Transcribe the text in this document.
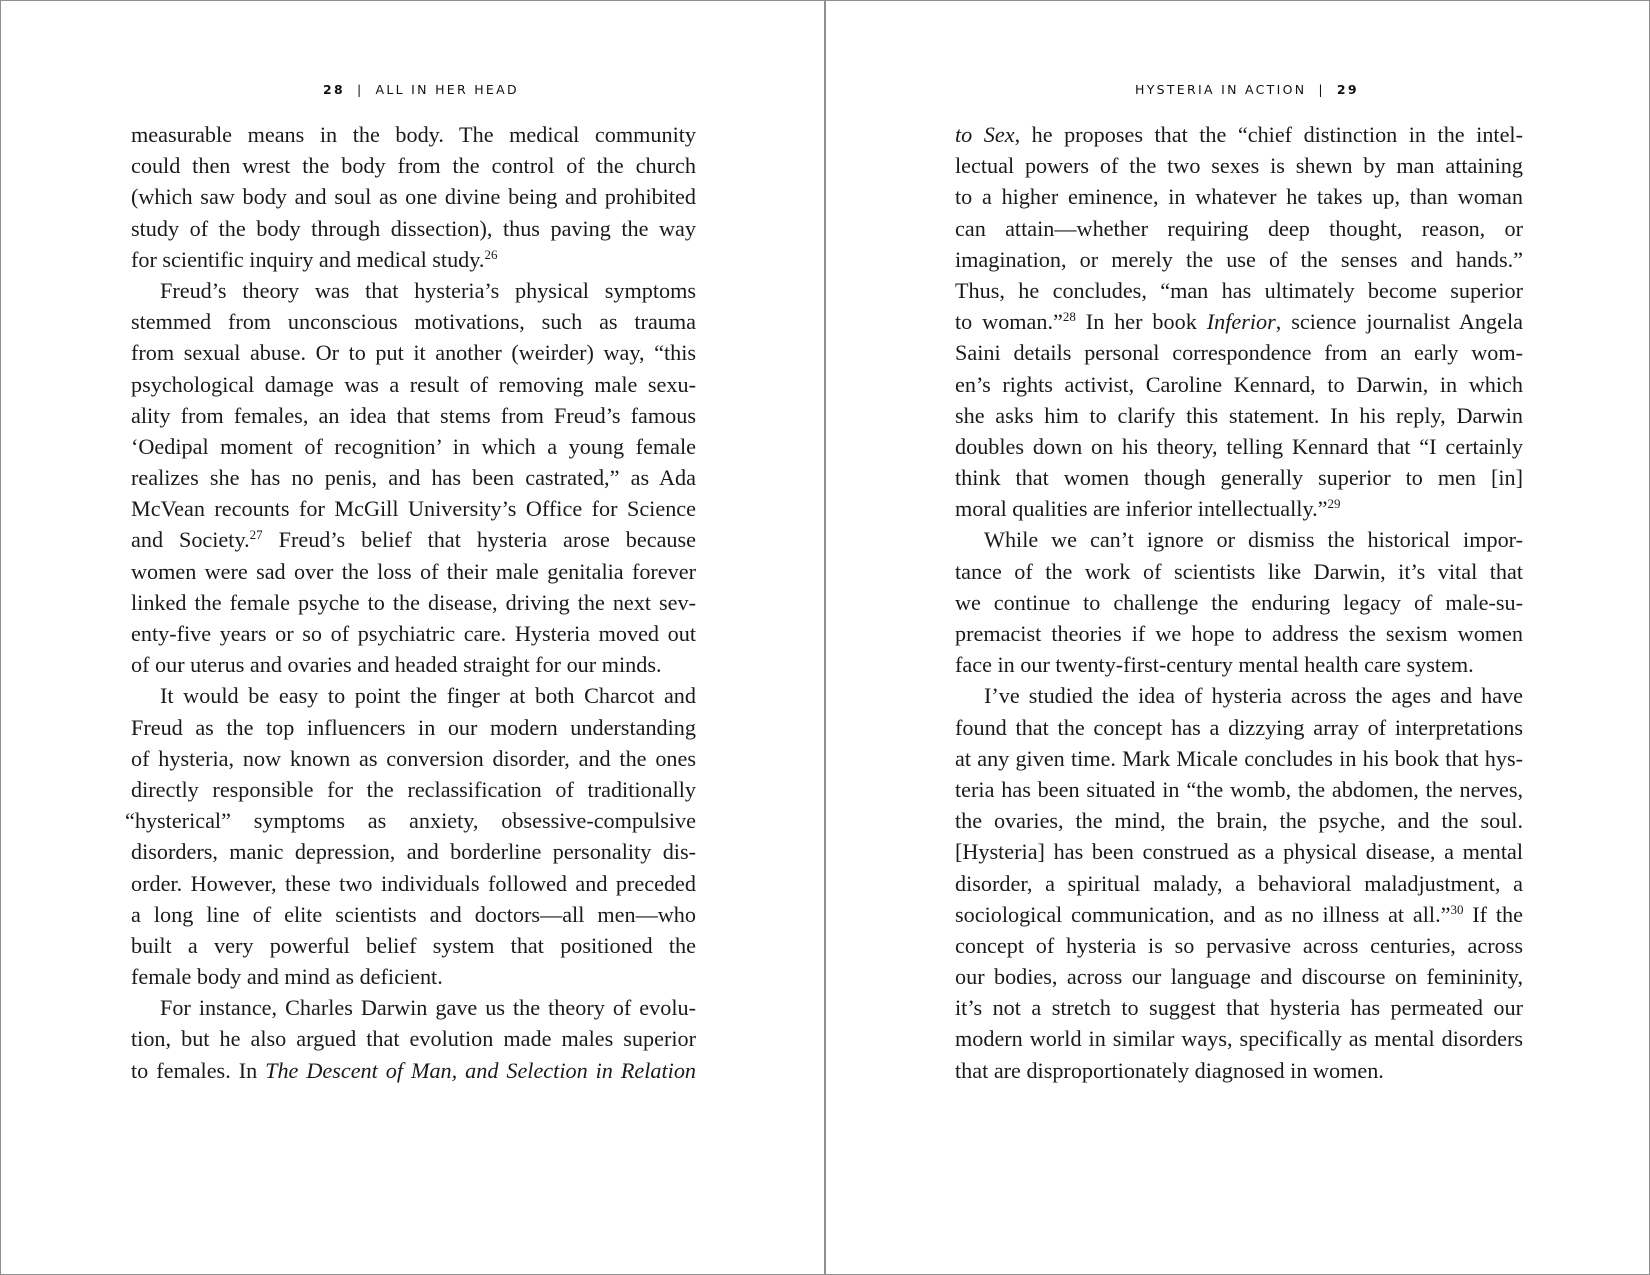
28 | ALL IN HER HEAD
measurable means in the body. The medical community
could then wrest the body from the control of the church
(which saw body and soul as one divine being and prohibited
study of the body through dissection), thus paving the way
for scientific inquiry and medical study.$^{26}$
Freud’s theory was that hysteria’s physical symptoms
stemmed from unconscious motivations, such as trauma
from sexual abuse. Or to put it another (weirder) way, “this
psychological damage was a result of removing male sexu-
ality from females, an idea that stems from Freud’s famous
‘Oedipal moment of recognition’ in which a young female
realizes she has no penis, and has been castrated,” as Ada
McVean recounts for McGill University’s Office for Science
and Society.$^{27}$ Freud’s belief that hysteria arose because
women were sad over the loss of their male genitalia forever
linked the female psyche to the disease, driving the next sev-
enty-five years or so of psychiatric care. Hysteria moved out
of our uterus and ovaries and headed straight for our minds.
It would be easy to point the finger at both Charcot and
Freud as the top influencers in our modern understanding
of hysteria, now known as conversion disorder, and the ones
directly responsible for the reclassification of traditionally
“hysterical” symptoms as anxiety, obsessive-compulsive
disorders, manic depression, and borderline personality dis-
order. However, these two individuals followed and preceded
a long line of elite scientists and doctors—all men—who
built a very powerful belief system that positioned the
female body and mind as deficient.
For instance, Charles Darwin gave us the theory of evolu-
tion, but he also argued that evolution made males superior
to females. In The Descent of Man, and Selection in Relation
HYSTERIA IN ACTION | 29
to Sex, he proposes that the “chief distinction in the intel-
lectual powers of the two sexes is shewn by man attaining
to a higher eminence, in whatever he takes up, than woman
can attain—whether requiring deep thought, reason, or
imagination, or merely the use of the senses and hands.”
Thus, he concludes, “man has ultimately become superior
to woman.”$^{28}$ In her book Inferior, science journalist Angela
Saini details personal correspondence from an early wom-
en’s rights activist, Caroline Kennard, to Darwin, in which
she asks him to clarify this statement. In his reply, Darwin
doubles down on his theory, telling Kennard that “I certainly
think that women though generally superior to men [in]
moral qualities are inferior intellectually.”$^{29}$
While we can’t ignore or dismiss the historical impor-
tance of the work of scientists like Darwin, it’s vital that
we continue to challenge the enduring legacy of male-su-
premacist theories if we hope to address the sexism women
face in our twenty-first-century mental health care system.
I’ve studied the idea of hysteria across the ages and have
found that the concept has a dizzying array of interpretations
at any given time. Mark Micale concludes in his book that hys-
teria has been situated in “the womb, the abdomen, the nerves,
the ovaries, the mind, the brain, the psyche, and the soul.
[Hysteria] has been construed as a physical disease, a mental
disorder, a spiritual malady, a behavioral maladjustment, a
sociological communication, and as no illness at all.”$^{30}$ If the
concept of hysteria is so pervasive across centuries, across
our bodies, across our language and discourse on femininity,
it’s not a stretch to suggest that hysteria has permeated our
modern world in similar ways, specifically as mental disorders
that are disproportionately diagnosed in women.
